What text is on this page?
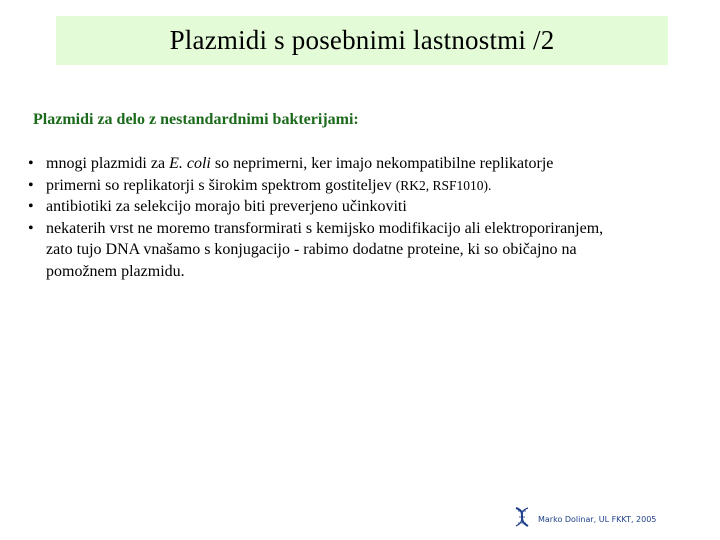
Plazmidi s posebnimi lastnostmi /2
Plazmidi za delo z nestandardnimi bakterijami:
• mnogi plazmidi za E. coli so neprimerni, ker imajo nekompatibilne replikatorje
• primerni so replikatorji s širokim spektrom gostiteljev (RK2, RSF1010).
• antibiotiki za selekcijo morajo biti preverjeno učinkoviti
• nekaterih vrst ne moremo transformirati s kemijsko modifikacijo ali elektroporiranjem,
zato tujo DNA vnašamo s konjugacijo - rabimo dodatne proteine, ki so običajno na
pomožnem plazmidu.
Marko Dolinar, UL FKKT, 2005
